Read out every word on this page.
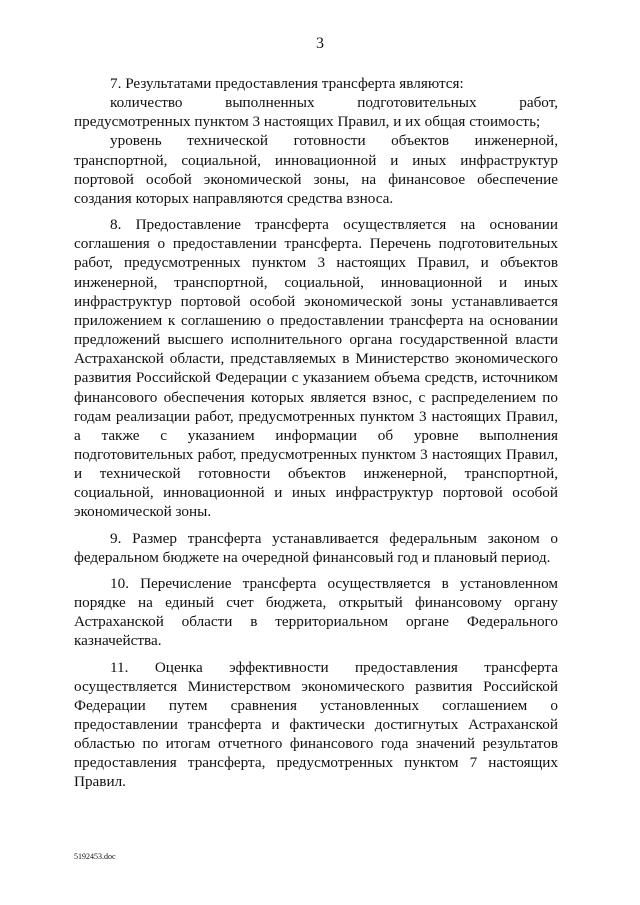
3

7. Результатами предоставления трансферта являются:

количество выполненных подготовительных работ, предусмотренных пунктом 3 настоящих Правил, и их общая стоимость;

уровень технической готовности объектов инженерной, транспортной, социальной, инновационной и иных инфраструктур портовой особой экономической зоны, на финансовое обеспечение создания которых направляются средства взноса.

8. Предоставление трансферта осуществляется на основании соглашения о предоставлении трансферта. Перечень подготовительных работ, предусмотренных пунктом 3 настоящих Правил, и объектов инженерной, транспортной, социальной, инновационной и иных инфраструктур портовой особой экономической зоны устанавливается приложением к соглашению о предоставлении трансферта на основании предложений высшего исполнительного органа государственной власти Астраханской области, представляемых в Министерство экономического развития Российской Федерации с указанием объема средств, источником финансового обеспечения которых является взнос, с распределением по годам реализации работ, предусмотренных пунктом 3 настоящих Правил, а также с указанием информации об уровне выполнения подготовительных работ, предусмотренных пунктом 3 настоящих Правил, и технической готовности объектов инженерной, транспортной, социальной, инновационной и иных инфраструктур портовой особой экономической зоны.

9. Размер трансферта устанавливается федеральным законом о федеральном бюджете на очередной финансовый год и плановый период.

10. Перечисление трансферта осуществляется в установленном порядке на единый счет бюджета, открытый финансовому органу Астраханской области в территориальном органе Федерального казначейства.

11. Оценка эффективности предоставления трансферта осуществляется Министерством экономического развития Российской Федерации путем сравнения установленных соглашением о предоставлении трансферта и фактически достигнутых Астраханской областью по итогам отчетного финансового года значений результатов предоставления трансферта, предусмотренных пунктом 7 настоящих Правил.

5192453.doc
